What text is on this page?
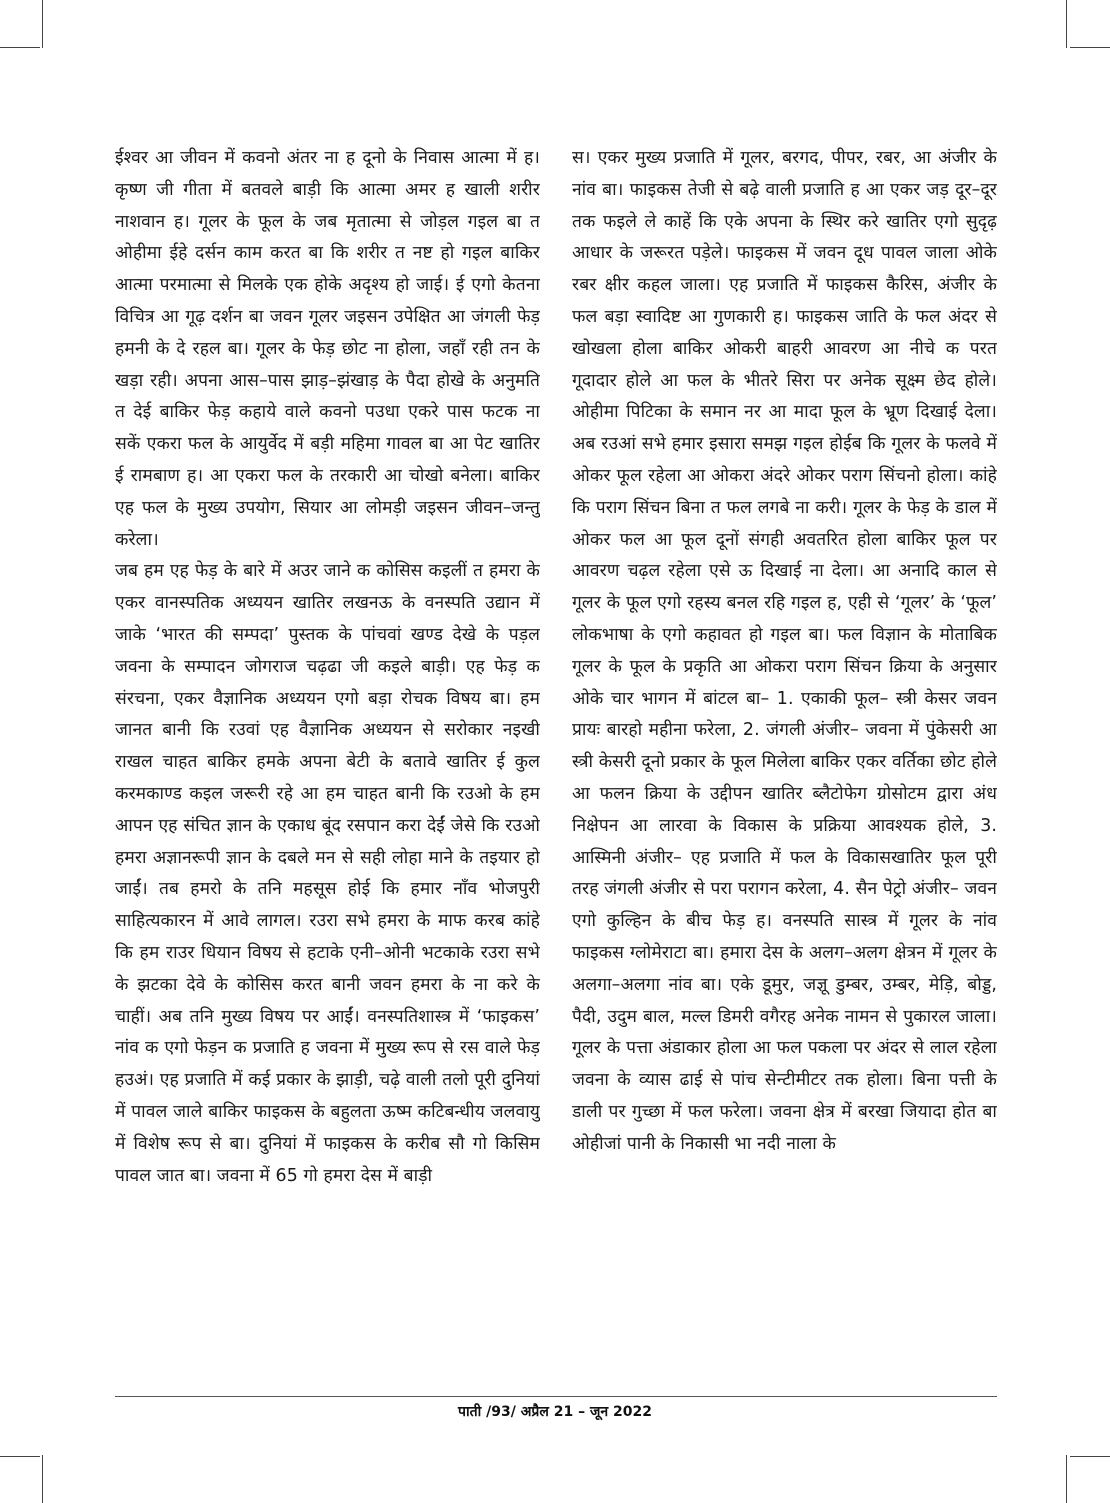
ईश्वर आ जीवन में कवनो अंतर ना ह दूनो के निवास आत्मा में ह। कृष्ण जी गीता में बतवले बाड़ी कि आत्मा अमर ह खाली शरीर नाशवान ह। गूलर के फूल के जब मृतात्मा से जोड़ल गइल बा त ओहीमा ईहे दर्सन काम करत बा कि शरीर त नष्ट हो गइल बाकिर आत्मा परमात्मा से मिलके एक होके अदृश्य हो जाई। ई एगो केतना विचित्र आ गूढ़ दर्शन बा जवन गूलर जइसन उपेक्षित आ जंगली फेड़ हमनी के दे रहल बा। गूलर के फेड़ छोट ना होला, जहाँ रही तन के खड़ा रही। अपना आस–पास झाड़–झंखाड़ के पैदा होखे के अनुमति त देई बाकिर फेड़ कहाये वाले कवनो पउधा एकरे पास फटक ना सकें एकरा फल के आयुर्वेद में बड़ी महिमा गावल बा आ पेट खातिर ई रामबाण ह। आ एकरा फल के तरकारी आ चोखो बनेला। बाकिर एह फल के मुख्य उपयोग, सियार आ लोमड़ी जइसन जीवन–जन्तु करेला।
जब हम एह फेड़ के बारे में अउर जाने क कोसिस कइलीं त हमरा के एकर वानस्पतिक अध्ययन खातिर लखनऊ के वनस्पति उद्यान में जाके ‘भारत की सम्पदा’ पुस्तक के पांचवां खण्ड देखे के पड़ल जवना के सम्पादन जोगराज चढ़ढा जी कइले बाड़ी। एह फेड़ क संरचना, एकर वैज्ञानिक अध्ययन एगो बड़ा रोचक विषय बा। हम जानत बानी कि रउवां एह वैज्ञानिक अध्ययन से सरोकार नइखी राखल चाहत बाकिर हमके अपना बेटी के बतावे खातिर ई कुल करमकाण्ड कइल जरूरी रहे आ हम चाहत बानी कि रउओ के हम आपन एह संचित ज्ञान के एकाध बूंद रसपान करा देईं जेसे कि रउओ हमरा अज्ञानरूपी ज्ञान के दबले मन से सही लोहा माने के तइयार हो जाईं। तब हमरो के तनि महसूस होई कि हमार नाँव भोजपुरी साहित्यकारन में आवे लागल। रउरा सभे हमरा के माफ करब कांहे कि हम राउर धियान विषय से हटाके एनी–ओनी भटकाके रउरा सभे के झटका देवे के कोसिस करत बानी जवन हमरा के ना करे के चाहीं। अब तनि मुख्य विषय पर आईं। वनस्पतिशास्त्र में ‘फाइकस’ नांव क एगो फेड़न क प्रजाति ह जवना में मुख्य रूप से रस वाले फेड़ हउअं। एह प्रजाति में कई प्रकार के झाड़ी, चढ़े वाली तलो पूरी दुनियां में पावल जाले बाकिर फाइकस के बहुलता ऊष्म कटिबन्धीय जलवायु में विशेष रूप से बा। दुनियां में फाइकस के करीब सौ गो किसिम पावल जात बा। जवना में 65 गो हमरा देस में बाड़ी

स। एकर मुख्य प्रजाति में गूलर, बरगद, पीपर, रबर, आ अंजीर के नांव बा। फाइकस तेजी से बढ़े वाली प्रजाति ह आ एकर जड़ दूर–दूर तक फइले ले काहें कि एके अपना के स्थिर करे खातिर एगो सुदृढ़ आधार के जरूरत पड़ेले। फाइकस में जवन दूध पावल जाला ओके रबर क्षीर कहल जाला। एह प्रजाति में फाइकस कैरिस, अंजीर के फल बड़ा स्वादिष्ट आ गुणकारी ह। फाइकस जाति के फल अंदर से खोखला होला बाकिर ओकरी बाहरी आवरण आ नीचे क परत गूदादार होले आ फल के भीतरे सिरा पर अनेक सूक्ष्म छेद होले। ओहीमा पिटिका के समान नर आ मादा फूल के भ्रूण दिखाई देला। अब रउआं सभे हमार इसारा समझ गइल होईब कि गूलर के फलवे में ओकर फूल रहेला आ ओकरा अंदरे ओकर पराग सिंचनो होला। कांहे कि पराग सिंचन बिना त फल लगबे ना करी। गूलर के फेड़ के डाल में ओकर फल आ फूल दूनों संगही अवतरित होला बाकिर फूल पर आवरण चढ़ल रहेला एसे ऊ दिखाई ना देला। आ अनादि काल से गूलर के फूल एगो रहस्य बनल रहि गइल ह, एही से ‘गूलर’ के ‘फूल’ लोकभाषा के एगो कहावत हो गइल बा। फल विज्ञान के मोताबिक गूलर के फूल के प्रकृति आ ओकरा पराग सिंचन क्रिया के अनुसार ओके चार भागन में बांटल बा– 1. एकाकी फूल– स्त्री केसर जवन प्रायः बारहो महीना फरेला, 2. जंगली अंजीर– जवना में पुंकेसरी आ स्त्री केसरी दूनो प्रकार के फूल मिलेला बाकिर एकर वर्तिका छोट होले आ फलन क्रिया के उद्दीपन खातिर ब्लैटोफेग ग्रोसोटम द्वारा अंध निक्षेपन आ लारवा के विकास के प्रक्रिया आवश्यक होले, 3. आस्मिनी अंजीर– एह प्रजाति में फल के विकासखातिर फूल पूरी तरह जंगली अंजीर से परा परागन करेला, 4. सैन पेट्रो अंजीर– जवन एगो कुल्हिन के बीच फेड़ ह। वनस्पति सास्त्र में गूलर के नांव फाइकस ग्लोमेराटा बा। हमारा देस के अलग–अलग क्षेत्रन में गूलर के अलगा–अलगा नांव बा। एके डूमुर, जज्ञू डुम्बर, उम्बर, मेड़ि, बोड्ड, पैदी, उदुम बाल, मल्ल डिमरी वगैरह अनेक नामन से पुकारल जाला। गूलर के पत्ता अंडाकार होला आ फल पकला पर अंदर से लाल रहेला जवना के व्यास ढाई से पांच सेन्टीमीटर तक होला। बिना पत्ती के डाली पर गुच्छा में फल फरेला। जवना क्षेत्र में बरखा जियादा होत बा ओहीजां पानी के निकासी भा नदी नाला के

पाती /93/ अप्रैल 21 – जून 2022
